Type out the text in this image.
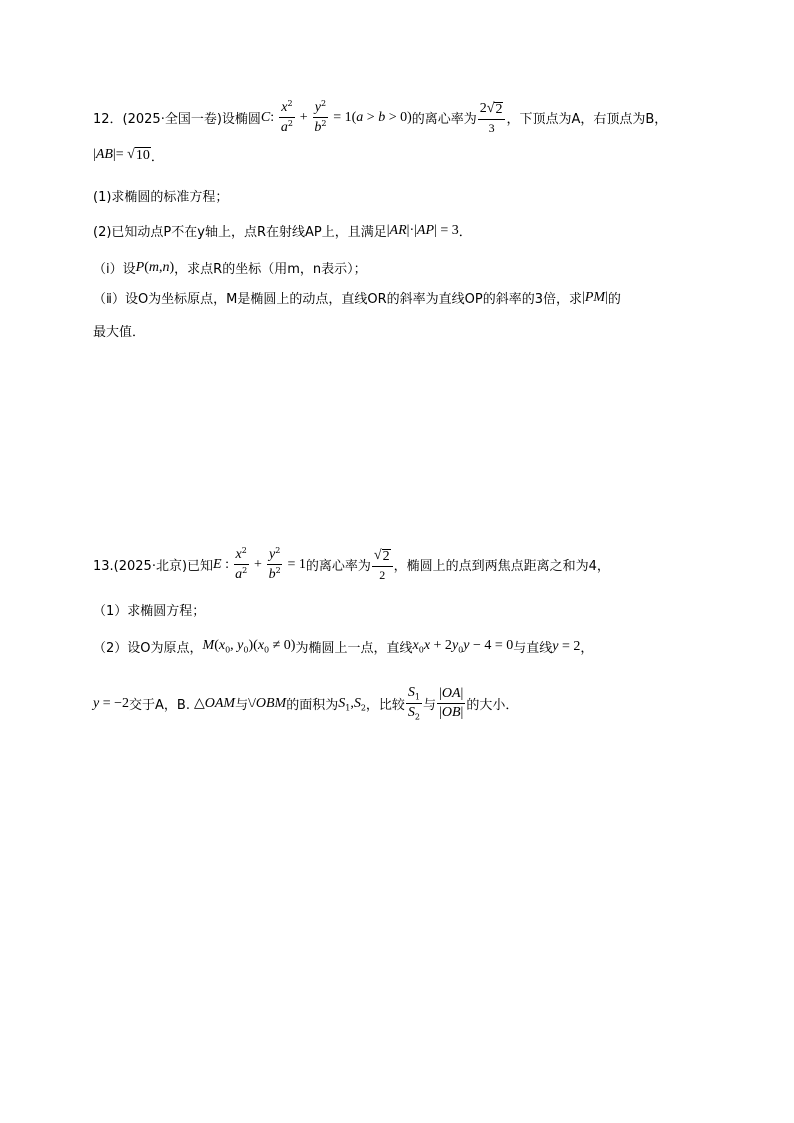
12．(2025·全国一卷)设椭圆 C: $\frac{x^2}{a^2} + \frac{y^2}{b^2} = 1(a > b > 0)$ 的离心率为 $\frac{2 √ 2}{3}$ ，下顶点为A，右顶点为B，
|AB|= √ 10 ．
(1)求椭圆的标准方程；
(2)已知动点P不在y轴上，点R在射线AP上，且满足 |AR|·|AP| = 3 ．
（i）设 P(m,n) ，求点R的坐标（用m，n表示）；
（ⅱ）设O为坐标原点，M是椭圆上的动点，直线OR的斜率为直线OP的斜率的3倍，求 |PM| 的
最大值．
13.(2025·北京)已知 E : $\frac{x^2}{a^2} + \frac{y^2}{b^2} = 1$ 的离心率为 $\frac{√ 2}{2}$ ，椭圆上的点到两焦点距离之和为4，
（1）求椭圆方程；
（2）设O为原点， $M(x_0$, $y_0)(x_0 \ne 0)$ 为椭圆上一点，直线 $x_0x + 2y_0y - 4 = 0$ 与直线 y = 2 ，
y = −2 交于A，B. △OAM 与 \/OBM 的面积为 $S_1,S_2$ ，比较 $\frac{S_1}{S_2}$ 与 $\frac{|OA|}{|OB|}$ 的大小．
